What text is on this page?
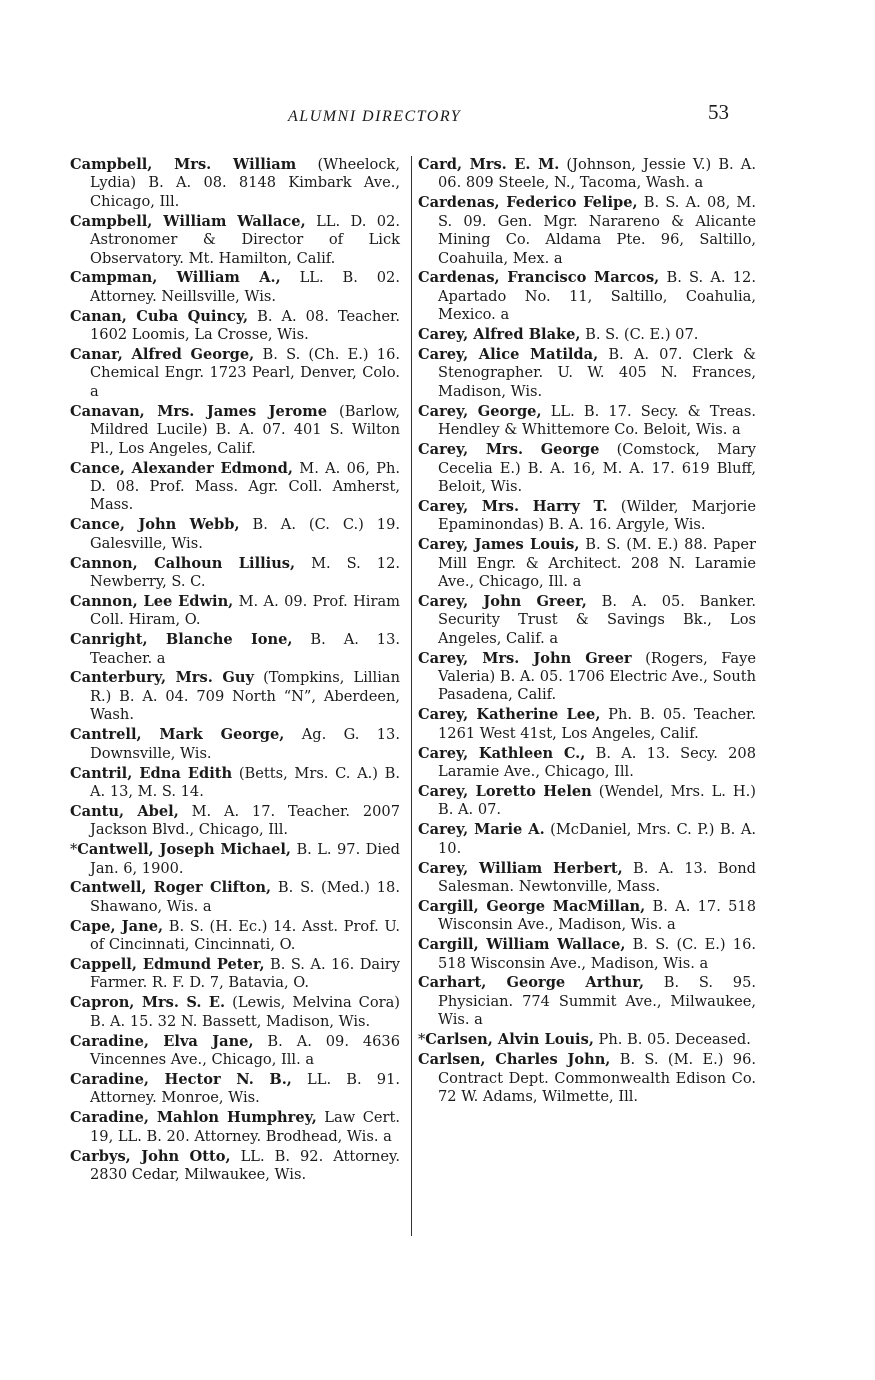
ALUMNI DIRECTORY	53

Campbell, Mrs. William (Wheelock, Lydia) B. A. 08. 8148 Kimbark Ave., Chicago, Ill.

Campbell, William Wallace, LL. D. 02. Astronomer & Director of Lick Observatory. Mt. Hamilton, Calif.

Campman, William A., LL. B. 02. Attorney. Neillsville, Wis.

Canan, Cuba Quincy, B. A. 08. Teacher. 1602 Loomis, La Crosse, Wis.

Canar, Alfred George, B. S. (Ch. E.) 16. Chemical Engr. 1723 Pearl, Denver, Colo. a

Canavan, Mrs. James Jerome (Barlow, Mildred Lucile) B. A. 07. 401 S. Wilton Pl., Los Angeles, Calif.

Cance, Alexander Edmond, M. A. 06, Ph. D. 08. Prof. Mass. Agr. Coll. Amherst, Mass.

Cance, John Webb, B. A. (C. C.) 19. Galesville, Wis.

Cannon, Calhoun Lillius, M. S. 12. Newberry, S. C.

Cannon, Lee Edwin, M. A. 09. Prof. Hiram Coll. Hiram, O.

Canright, Blanche Ione, B. A. 13. Teacher. a

Canterbury, Mrs. Guy (Tompkins, Lillian R.) B. A. 04. 709 North “N”, Aberdeen, Wash.

Cantrell, Mark George, Ag. G. 13. Downsville, Wis.

Cantril, Edna Edith (Betts, Mrs. C. A.) B. A. 13, M. S. 14.

Cantu, Abel, M. A. 17. Teacher. 2007 Jackson Blvd., Chicago, Ill.

*Cantwell, Joseph Michael, B. L. 97. Died Jan. 6, 1900.

Cantwell, Roger Clifton, B. S. (Med.) 18. Shawano, Wis. a

Cape, Jane, B. S. (H. Ec.) 14. Asst. Prof. U. of Cincinnati, Cincinnati, O.

Cappell, Edmund Peter, B. S. A. 16. Dairy Farmer. R. F. D. 7, Batavia, O.

Capron, Mrs. S. E. (Lewis, Melvina Cora) B. A. 15. 32 N. Bassett, Madison, Wis.

Caradine, Elva Jane, B. A. 09. 4636 Vincennes Ave., Chicago, Ill. a

Caradine, Hector N. B., LL. B. 91. Attorney. Monroe, Wis.

Caradine, Mahlon Humphrey, Law Cert. 19, LL. B. 20. Attorney. Brodhead, Wis. a

Carbys, John Otto, LL. B. 92. Attorney. 2830 Cedar, Milwaukee, Wis.

Card, Mrs. E. M. (Johnson, Jessie V.) B. A. 06. 809 Steele, N., Tacoma, Wash. a

Cardenas, Federico Felipe, B. S. A. 08, M. S. 09. Gen. Mgr. Narareno & Alicante Mining Co. Aldama Pte. 96, Saltillo, Coahuila, Mex. a

Cardenas, Francisco Marcos, B. S. A. 12. Apartado No. 11, Saltillo, Coahulia, Mexico. a

Carey, Alfred Blake, B. S. (C. E.) 07.

Carey, Alice Matilda, B. A. 07. Clerk & Stenographer. U. W. 405 N. Frances, Madison, Wis.

Carey, George, LL. B. 17. Secy. & Treas. Hendley & Whittemore Co. Beloit, Wis. a

Carey, Mrs. George (Comstock, Mary Cecelia E.) B. A. 16, M. A. 17. 619 Bluff, Beloit, Wis.

Carey, Mrs. Harry T. (Wilder, Marjorie Epaminondas) B. A. 16. Argyle, Wis.

Carey, James Louis, B. S. (M. E.) 88. Paper Mill Engr. & Architect. 208 N. Laramie Ave., Chicago, Ill. a

Carey, John Greer, B. A. 05. Banker. Security Trust & Savings Bk., Los Angeles, Calif. a

Carey, Mrs. John Greer (Rogers, Faye Valeria) B. A. 05. 1706 Electric Ave., South Pasadena, Calif.

Carey, Katherine Lee, Ph. B. 05. Teacher. 1261 West 41st, Los Angeles, Calif.

Carey, Kathleen C., B. A. 13. Secy. 208 Laramie Ave., Chicago, Ill.

Carey, Loretto Helen (Wendel, Mrs. L. H.) B. A. 07.

Carey, Marie A. (McDaniel, Mrs. C. P.) B. A. 10.

Carey, William Herbert, B. A. 13. Bond Salesman. Newtonville, Mass.

Cargill, George MacMillan, B. A. 17. 518 Wisconsin Ave., Madison, Wis. a

Cargill, William Wallace, B. S. (C. E.) 16. 518 Wisconsin Ave., Madison, Wis. a

Carhart, George Arthur, B. S. 95. Physician. 774 Summit Ave., Milwaukee, Wis. a

*Carlsen, Alvin Louis, Ph. B. 05. Deceased.

Carlsen, Charles John, B. S. (M. E.) 96. Contract Dept. Commonwealth Edison Co. 72 W. Adams, Wilmette, Ill.
